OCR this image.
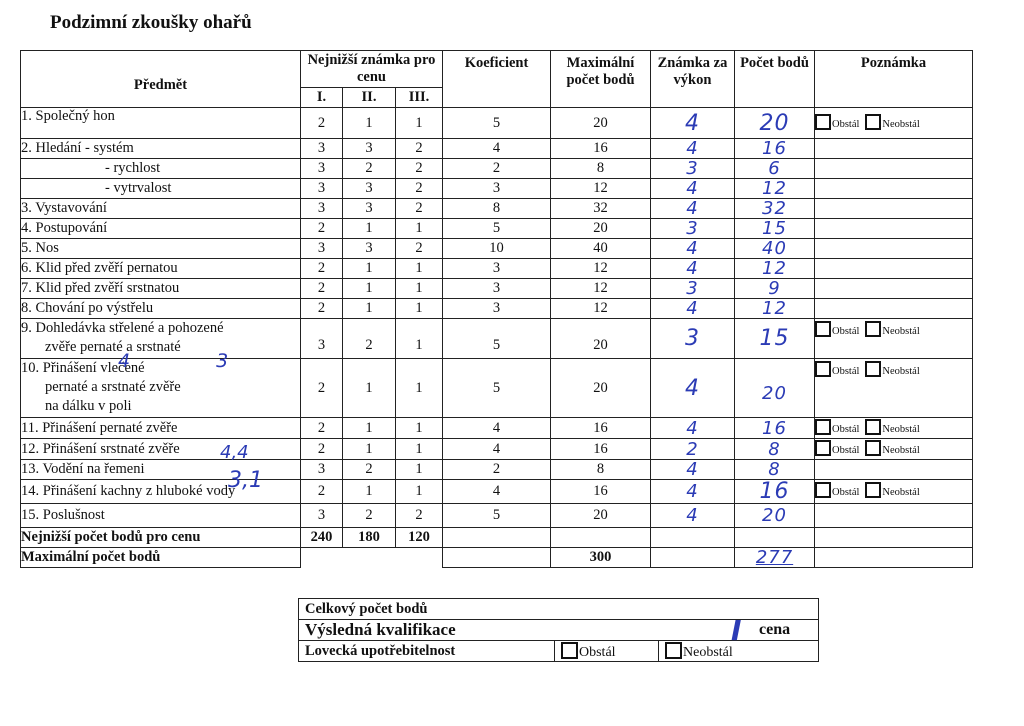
Podzimní zkoušky ohařů
Předmět	Nejnižší známka pro cenu			Koeficient	Maximální počet bodů	Známka za výkon	Počet bodů	Poznámka
	I.	II.	III.					
1. Společný hon	2	1	1	5	20	4	20	Obstál Neobstál
2. Hledání - systém	3	3	2	4	16	4	16	
- rychlost	3	2	2	2	8	3	6	
- vytrvalost	3	3	2	3	12	4	12	
3. Vystavování	3	3	2	8	32	4	32	
4. Postupování	2	1	1	5	20	3	15	
5. Nos	3	3	2	10	40	4	40	
6. Klid před zvěří pernatou	2	1	1	3	12	4	12	
7. Klid před zvěří srstnatou	2	1	1	3	12	3	9	
8. Chování po výstřelu	2	1	1	3	12	4	12	

9. Dohledávka střelené a pohozené
zvěře pernaté a srstnaté	3	2	1	5	20	3	15	Obstál Neobstál

10. Přinášení vlečené
pernaté a srstnaté zvěře
na dálku v poli	2	1	1	5	20	4	20	Obstál Neobstál
11. Přinášení pernaté zvěře	2	1	1	4	16	4	16	Obstál Neobstál
12. Přinášení srstnaté zvěře	2	1	1	4	16	2	8	Obstál Neobstál
13. Vodění na řemeni	3	2	1	2	8	4	8	
14. Přinášení kachny z hluboké vody	2	1	1	4	16	4	16	Obstál Neobstál
15. Poslušnost	3	2	2	5	20	4	20	
Nejnižší počet bodů pro cenu	240	180	120					
Maximální počet bodů					300		277	
4 3
4,4
3,1
Celkový počet bodů
Výsledná kvalifikace	I cena

Lovecká upotřebitelnost	Obstál	Neobstál
